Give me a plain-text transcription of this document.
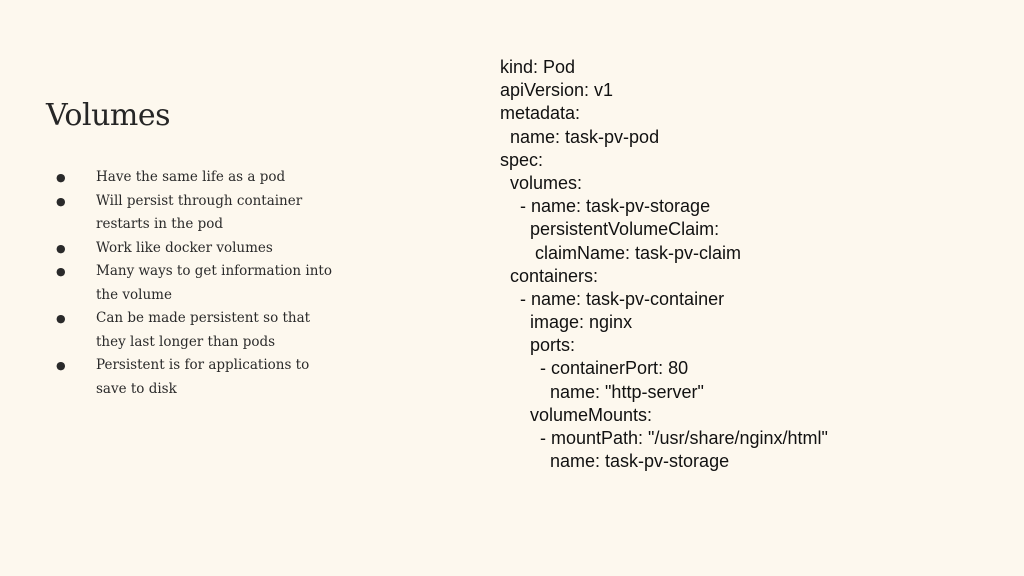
Volumes
● Have the same life as a pod
● Will persist through container restarts in the pod
● Work like docker volumes
● Many ways to get information into the volume
● Can be made persistent so that they last longer than pods
● Persistent is for applications to save to disk
kind: Pod
apiVersion: v1
metadata:
name: task-pv-pod
spec:
volumes:
- name: task-pv-storage
persistentVolumeClaim:
claimName: task-pv-claim
containers:
- name: task-pv-container
image: nginx
ports:
- containerPort: 80
name: "http-server"
volumeMounts:
- mountPath: "/usr/share/nginx/html"
name: task-pv-storage
